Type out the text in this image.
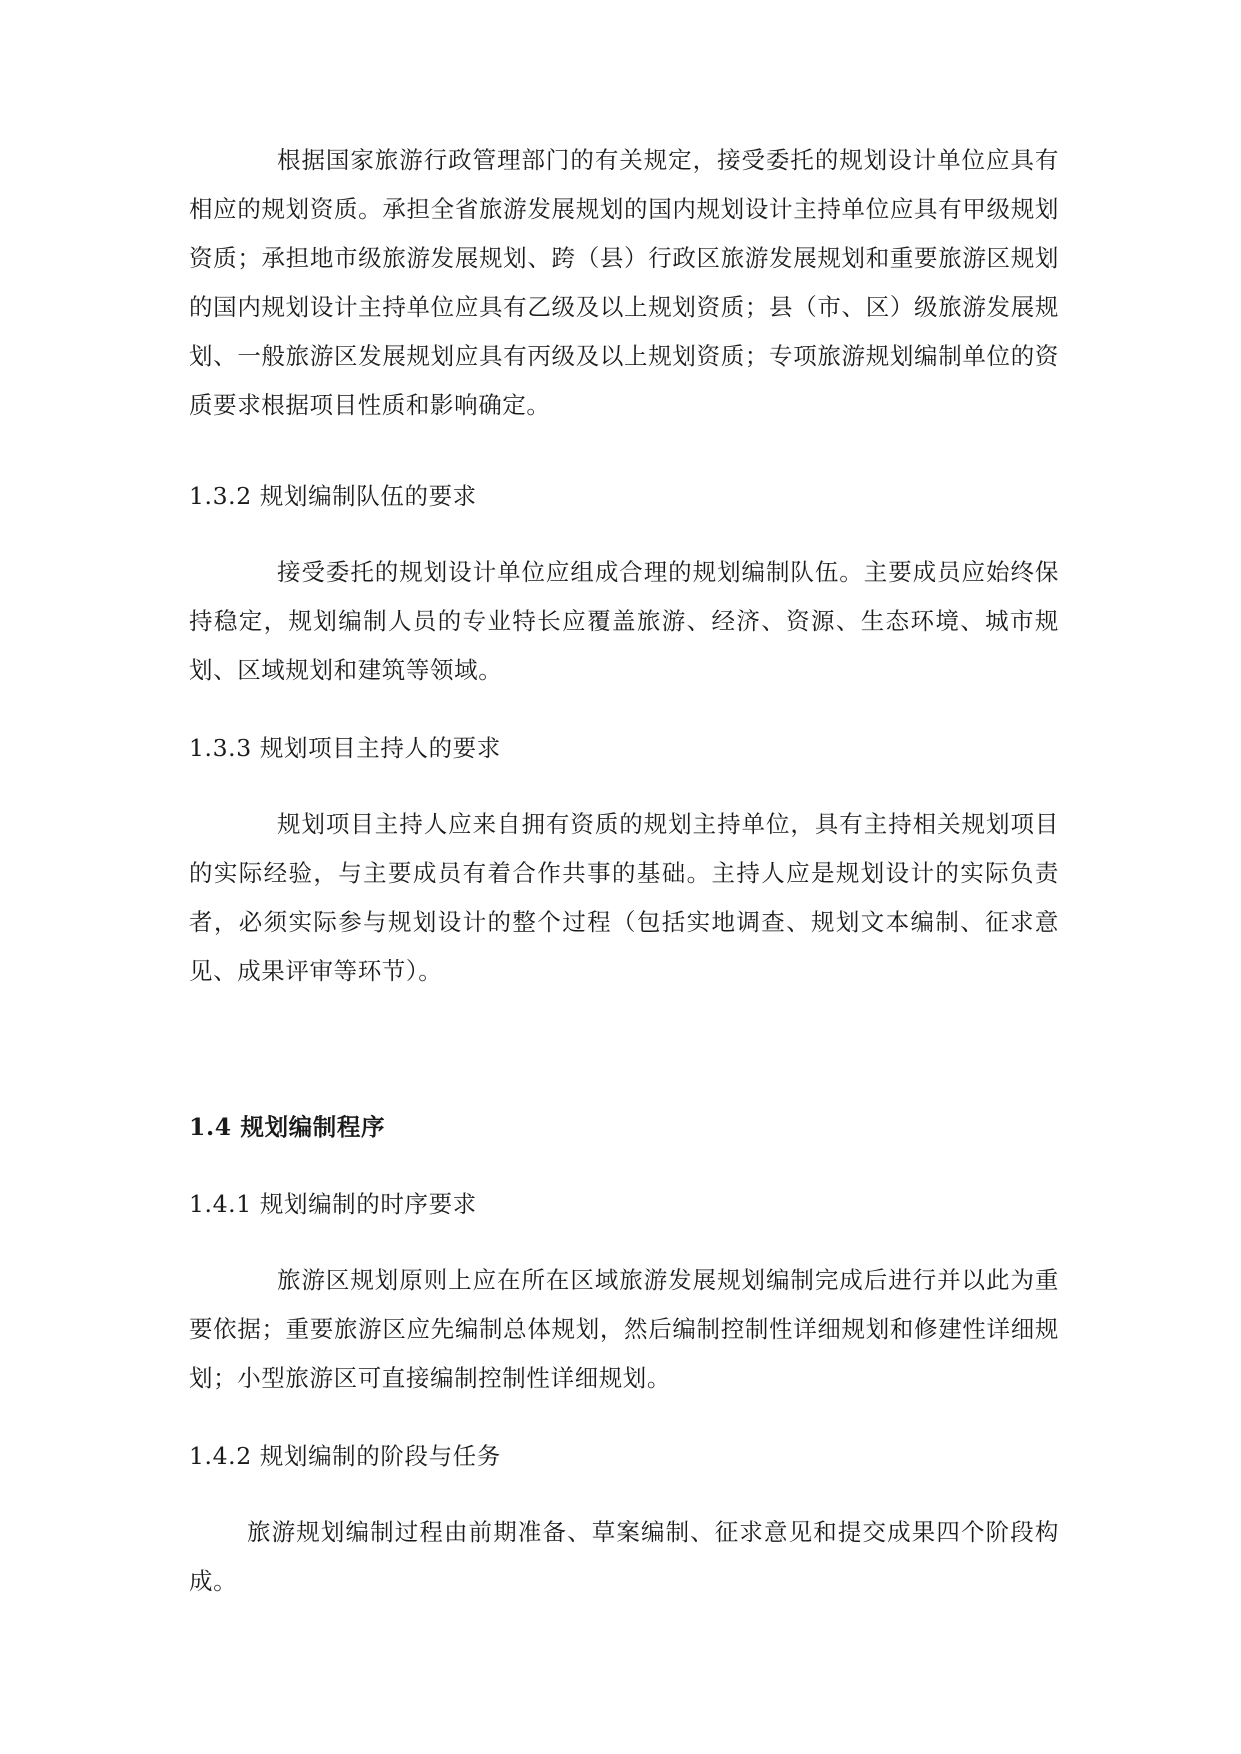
根据国家旅游行政管理部门的有关规定，接受委托的规划设计单位应具有相应的规划资质。承担全省旅游发展规划的国内规划设计主持单位应具有甲级规划资质；承担地市级旅游发展规划、跨（县）行政区旅游发展规划和重要旅游区规划的国内规划设计主持单位应具有乙级及以上规划资质；县（市、区）级旅游发展规划、一般旅游区发展规划应具有丙级及以上规划资质；专项旅游规划编制单位的资质要求根据项目性质和影响确定。

1.3.2 规划编制队伍的要求

接受委托的规划设计单位应组成合理的规划编制队伍。主要成员应始终保持稳定，规划编制人员的专业特长应覆盖旅游、经济、资源、生态环境、城市规划、区域规划和建筑等领域。

1.3.3 规划项目主持人的要求

规划项目主持人应来自拥有资质的规划主持单位，具有主持相关规划项目的实际经验，与主要成员有着合作共事的基础。主持人应是规划设计的实际负责者，必须实际参与规划设计的整个过程（包括实地调查、规划文本编制、征求意见、成果评审等环节）。

1.4 规划编制程序
1.4.1 规划编制的时序要求

旅游区规划原则上应在所在区域旅游发展规划编制完成后进行并以此为重要依据；重要旅游区应先编制总体规划，然后编制控制性详细规划和修建性详细规划；小型旅游区可直接编制控制性详细规划。

1.4.2 规划编制的阶段与任务

旅游规划编制过程由前期准备、草案编制、征求意见和提交成果四个阶段构成。
